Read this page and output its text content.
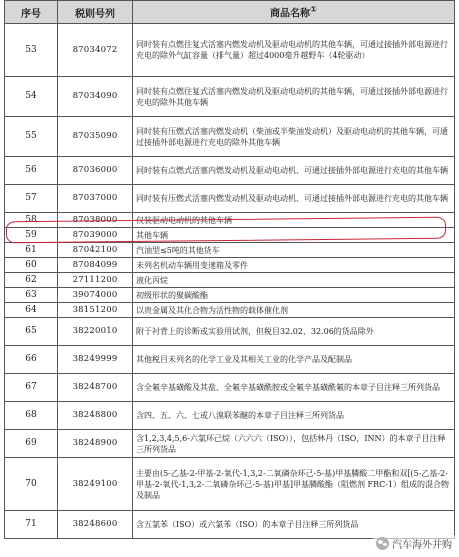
序号	税则号列	商品名称①
53	87034072	同时装有点燃往复式活塞内燃发动机及驱动电动机的其他车辆，可通过接插外部电源进行充电的除外气缸容量（排气量）超过4000毫升越野车（4轮驱动）
54	87034090	同时装有点燃往复式活塞内燃发动机及驱动电动机的其他车辆，可通过接插外部电源进行充电的除外其他车辆
55	87035090	同时装有压燃式活塞内燃发动机（柴油或半柴油发动机）及驱动电动机的其他车辆，可通过接插外部电源进行充电的除外其他车辆
56	87036000	同时装有点燃式活塞内燃发动机及驱动电动机、可通过接插外部电源进行充电的其他车辆
57	87037000	同时装有压燃式活塞内燃发动机及驱动电动机、可通过接插外部电源进行充电的其他车辆
58	87038000	仅装驱动电动机的其他车辆
59	87039000	其他车辆
61	87042100	汽油型≤5吨的其他货车
60	87084099	未列名机动车辆用变速箱及零件
62	27111200	液化丙烷
63	39074000	初级形状的聚碳酸酯
64	38151200	以贵金属及其化合物为活性物的载体催化剂
65	38220010	附于衬背上的诊断或实验用试剂，但税目32.02、32.06的货品除外
66	38249999	其他税目未列名的化学工业及其相关工业的化学产品及配制品
67	38248700	含全氟辛基磺酸及其盐、全氟辛基磺酰胺或全氟辛基磺酰氟的本章子目注释三所列货品
68	38248800	含四、五、六、七或八溴联苯醚的本章子目注释三所列货品
69	38248900	含1,2,3,4,5,6-六氯环己烷（六六六（ISO）），包括林丹（ISO，INN）的本章子目注释三所列货品
70	38249100	主要由(5-乙基-2-甲基-2-氧代-1,3,2-二氧磷杂环己-5-基)甲基膦酸二甲酯和双[(5-乙基-2-甲基-2-氧代-1,3,2-二氧磷杂环己-5-基)甲基]甲基膦酸酯（阻燃剂 FRC-1）组成的混合物及制品
71	38248600	含五氯苯（ISO）或六氯苯（ISO）的本章子目注释三所列货品
汽车海外并购
